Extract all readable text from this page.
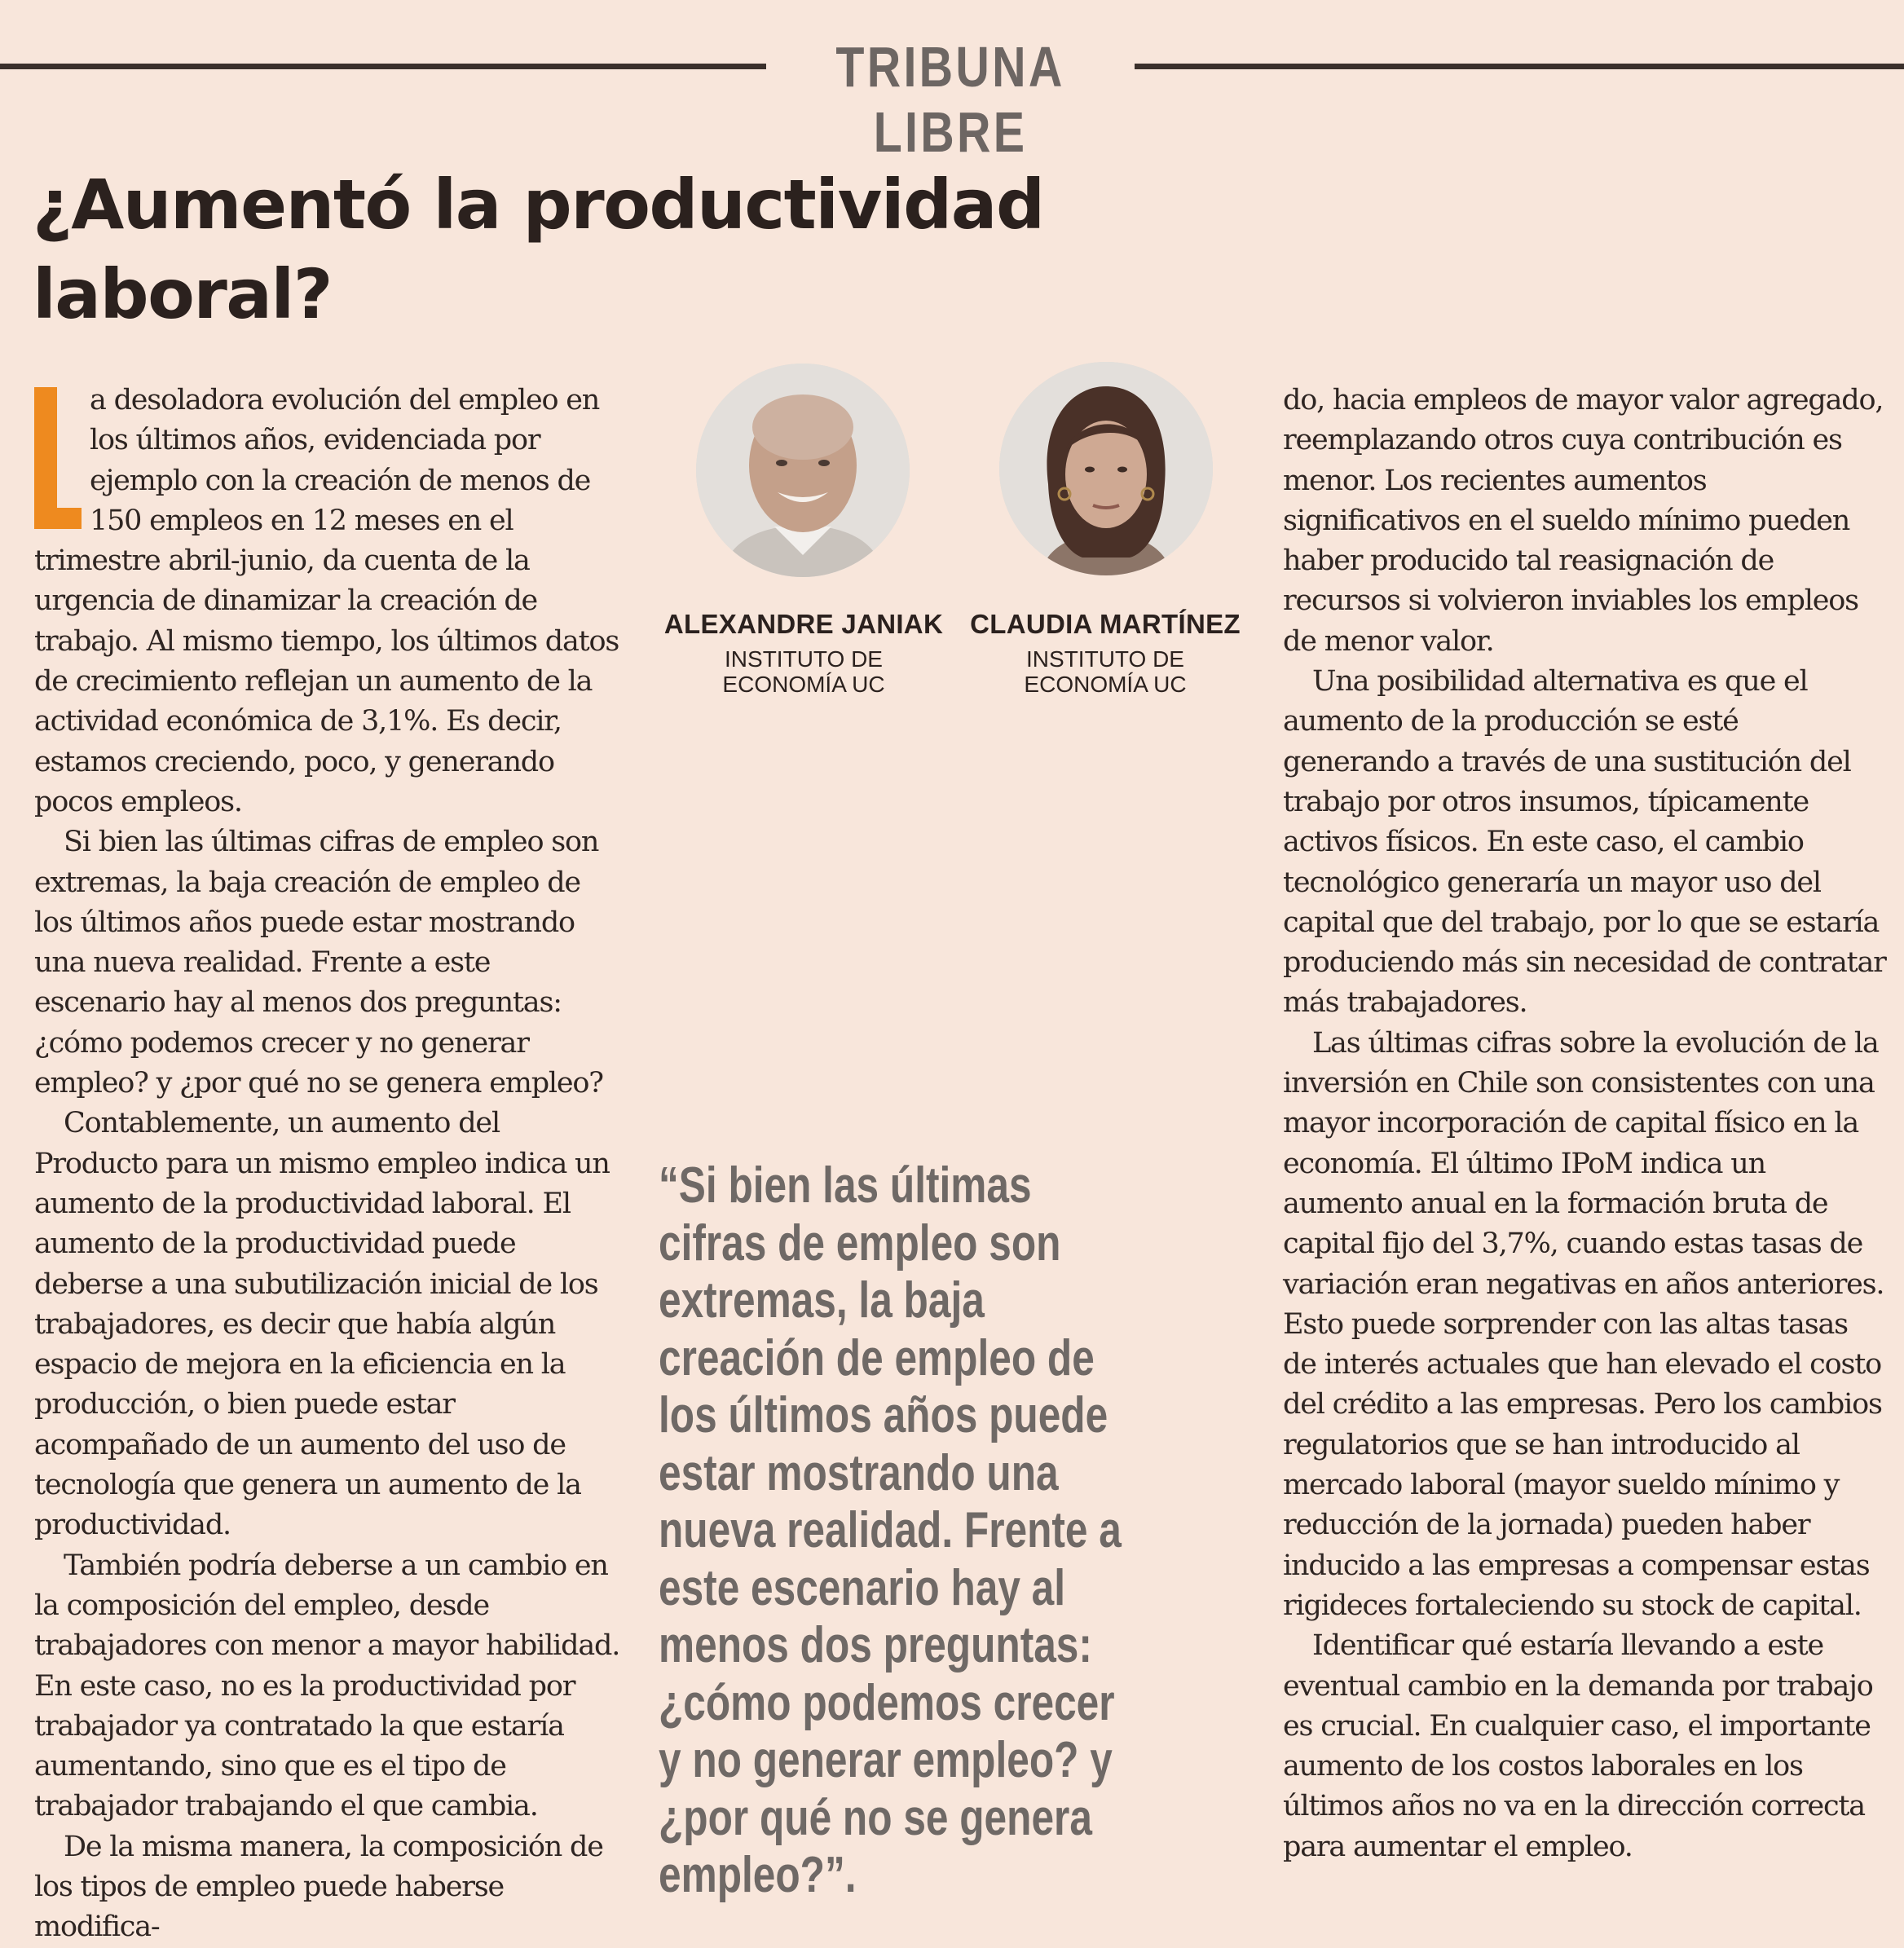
TRIBUNA LIBRE
¿Aumentó la productividad laboral?

a desoladora evolución del empleo en los últimos años, evidenciada por ejemplo con la creación de menos de 150 empleos en 12 meses en el trimestre abril-junio, da cuenta de la urgencia de dinamizar la creación de trabajo. Al mismo tiempo, los últimos datos de crecimiento reflejan un aumento de la actividad económica de 3,1%. Es decir, estamos creciendo, poco, y generando pocos empleos.

Si bien las últimas cifras de empleo son extremas, la baja creación de empleo de los últimos años puede estar mostrando una nueva realidad. Frente a este escenario hay al menos dos preguntas: ¿cómo podemos crecer y no generar empleo? y ¿por qué no se genera empleo?

Contablemente, un aumento del Producto para un mismo empleo indica un aumento de la productividad laboral. El aumento de la productividad puede deberse a una subutilización inicial de los trabajadores, es decir que había algún espacio de mejora en la eficiencia en la producción, o bien puede estar acompañado de un aumento del uso de tecnología que genera un aumento de la productividad.

También podría deberse a un cambio en la composición del empleo, desde trabajadores con menor a mayor habilidad. En este caso, no es la productividad por trabajador ya contratado la que estaría aumentando, sino que es el tipo de trabajador trabajando el que cambia.

De la misma manera, la composición de los tipos de empleo puede haberse modifica-

ALEXANDRE JANIAK
INSTITUTO DE
ECONOMÍA UC
CLAUDIA MARTÍNEZ
INSTITUTO DE
ECONOMÍA UC

“Si bien las últimas cifras de empleo son extremas, la baja creación de empleo de los últimos años puede estar mostrando una nueva realidad. Frente a este escenario hay al menos dos preguntas: ¿cómo podemos crecer y no generar empleo? y ¿por qué no se genera empleo?”.

do, hacia empleos de mayor valor agregado, reemplazando otros cuya contribución es menor. Los recientes aumentos significativos en el sueldo mínimo pueden haber producido tal reasignación de recursos si volvieron inviables los empleos de menor valor.

Una posibilidad alternativa es que el aumento de la producción se esté generando a través de una sustitución del trabajo por otros insumos, típicamente activos físicos. En este caso, el cambio tecnológico generaría un mayor uso del capital que del trabajo, por lo que se estaría produciendo más sin necesidad de contratar más trabajadores.

Las últimas cifras sobre la evolución de la inversión en Chile son consistentes con una mayor incorporación de capital físico en la economía. El último IPoM indica un aumento anual en la formación bruta de capital fijo del 3,7%, cuando estas tasas de variación eran negativas en años anteriores. Esto puede sorprender con las altas tasas de interés actuales que han elevado el costo del crédito a las empresas. Pero los cambios regulatorios que se han introducido al mercado laboral (mayor sueldo mínimo y reducción de la jornada) pueden haber inducido a las empresas a compensar estas rigideces fortaleciendo su stock de capital.

Identificar qué estaría llevando a este eventual cambio en la demanda por trabajo es crucial. En cualquier caso, el importante aumento de los costos laborales en los últimos años no va en la dirección correcta para aumentar el empleo.
